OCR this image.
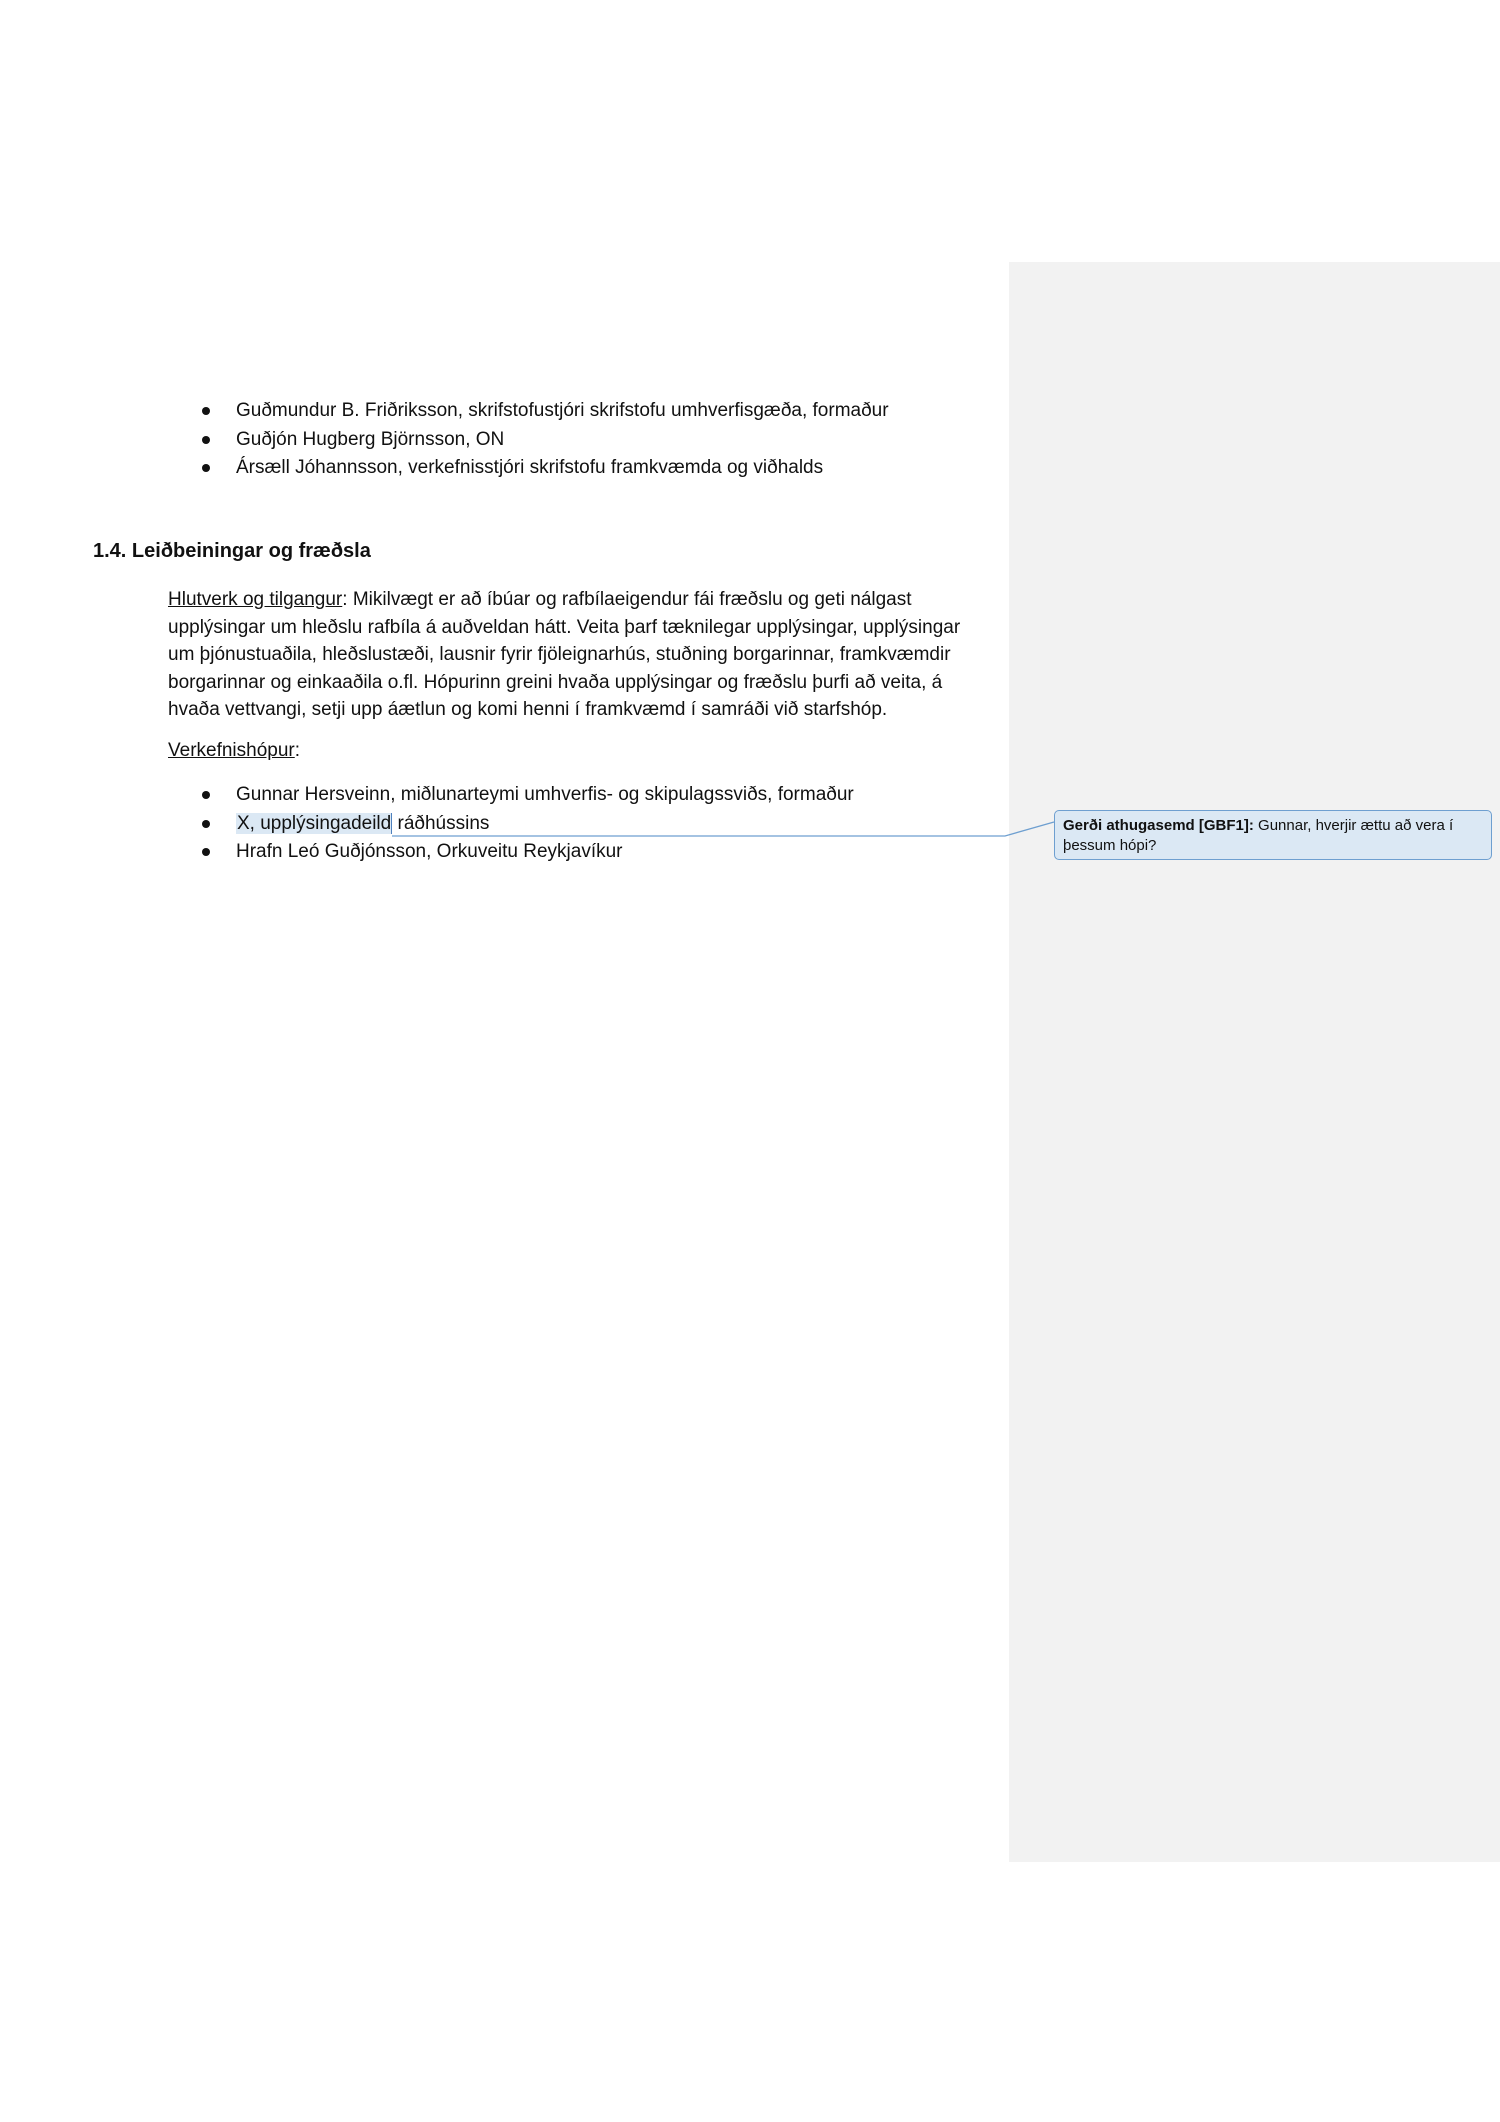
Guðmundur B. Friðriksson, skrifstofustjóri skrifstofu umhverfisgæða, formaður
Guðjón Hugberg Björnsson, ON
Ársæll Jóhannsson, verkefnisstjóri skrifstofu framkvæmda og viðhalds
1.4. Leiðbeiningar og fræðsla
Hlutverk og tilgangur: Mikilvægt er að íbúar og rafbílaeigendur fái fræðslu og geti nálgast upplýsingar um hleðslu rafbíla á auðveldan hátt. Veita þarf tæknilegar upplýsingar, upplýsingar um þjónustuaðila, hleðslustæði, lausnir fyrir fjöleignarhús, stuðning borgarinnar, framkvæmdir borgarinnar og einkaaðila o.fl. Hópurinn greini hvaða upplýsingar og fræðslu þurfi að veita, á hvaða vettvangi, setji upp áætlun og komi henni í framkvæmd í samráði við starfshóp.
Verkefnishópur:
Gunnar Hersveinn, miðlunarteymi umhverfis- og skipulagssviðs, formaður
X, upplýsingadeild ráðhússins
Hrafn Leó Guðjónsson, Orkuveitu Reykjavíkur
Gerði athugasemd [GBF1]: Gunnar, hverjir ættu að vera í þessum hópi?
